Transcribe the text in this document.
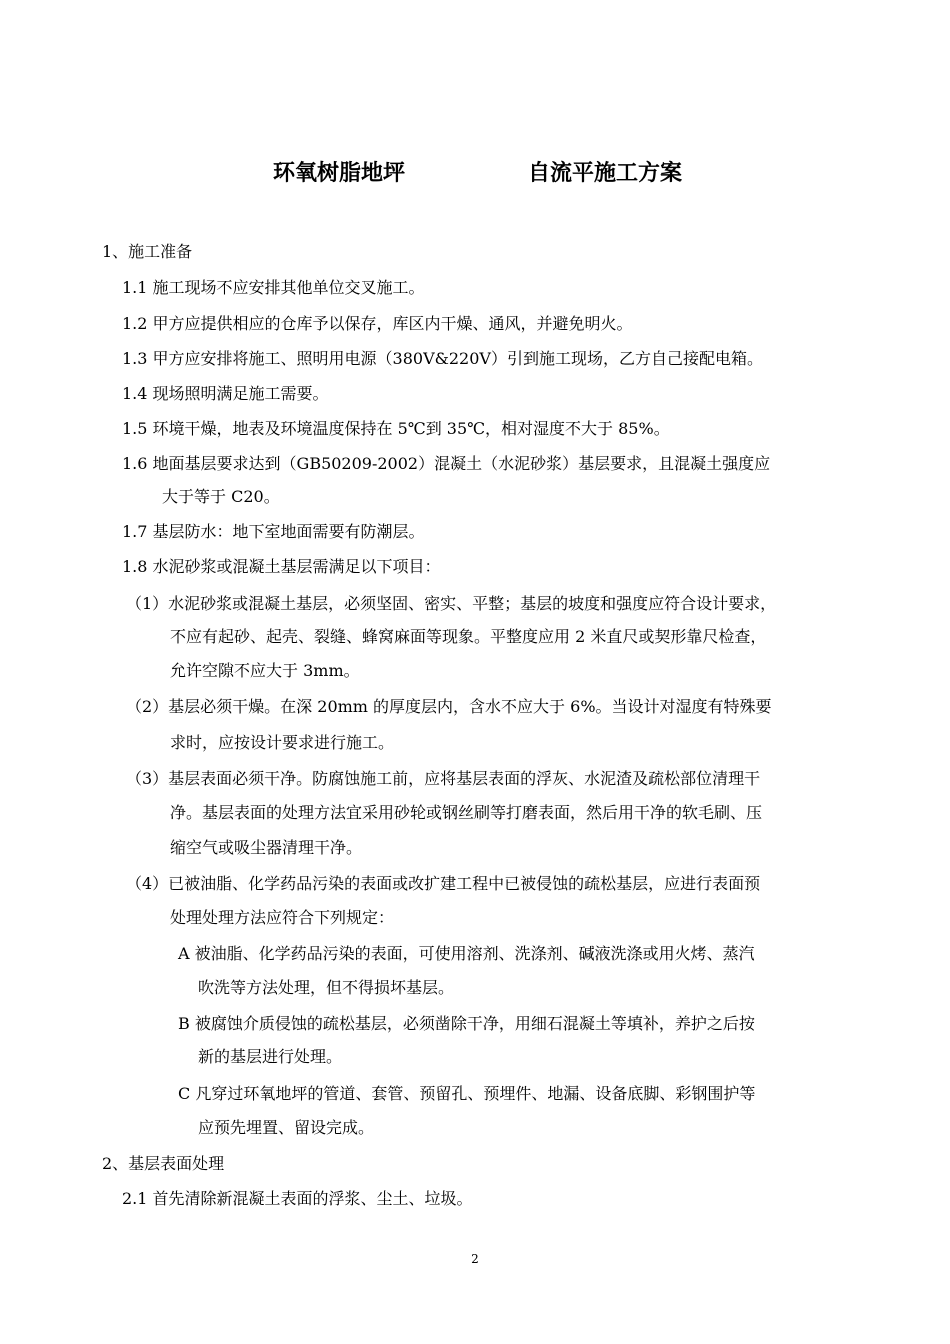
环氧树脂地坪	自流平施工方案
1、施工准备
1.1 施工现场不应安排其他单位交叉施工。
1.2 甲方应提供相应的仓库予以保存，库区内干燥、通风，并避免明火。
1.3 甲方应安排将施工、照明用电源（380V&220V）引到施工现场，乙方自己接配电箱。
1.4 现场照明满足施工需要。
1.5 环境干燥，地表及环境温度保持在 5℃到 35℃，相对湿度不大于 85%。
1.6 地面基层要求达到（GB50209-2002）混凝土（水泥砂浆）基层要求，且混凝土强度应
大于等于 C20。
1.7 基层防水：地下室地面需要有防潮层。
1.8 水泥砂浆或混凝土基层需满足以下项目：
（1）水泥砂浆或混凝土基层，必须坚固、密实、平整；基层的坡度和强度应符合设计要求，
不应有起砂、起壳、裂缝、蜂窝麻面等现象。平整度应用 2 米直尺或契形靠尺检查，
允许空隙不应大于 3mm。
（2）基层必须干燥。在深 20mm 的厚度层内，含水不应大于 6%。当设计对湿度有特殊要
求时，应按设计要求进行施工。
（3）基层表面必须干净。防腐蚀施工前，应将基层表面的浮灰、水泥渣及疏松部位清理干
净。基层表面的处理方法宜采用砂轮或钢丝刷等打磨表面，然后用干净的软毛刷、压
缩空气或吸尘器清理干净。
（4）已被油脂、化学药品污染的表面或改扩建工程中已被侵蚀的疏松基层，应进行表面预
处理处理方法应符合下列规定：
A 被油脂、化学药品污染的表面，可使用溶剂、洗涤剂、碱液洗涤或用火烤、蒸汽
吹洗等方法处理，但不得损坏基层。
B 被腐蚀介质侵蚀的疏松基层，必须凿除干净，用细石混凝土等填补，养护之后按
新的基层进行处理。
C 凡穿过环氧地坪的管道、套管、预留孔、预埋件、地漏、设备底脚、彩钢围护等
应预先埋置、留设完成。
2、基层表面处理
2.1 首先清除新混凝土表面的浮浆、尘土、垃圾。
2
